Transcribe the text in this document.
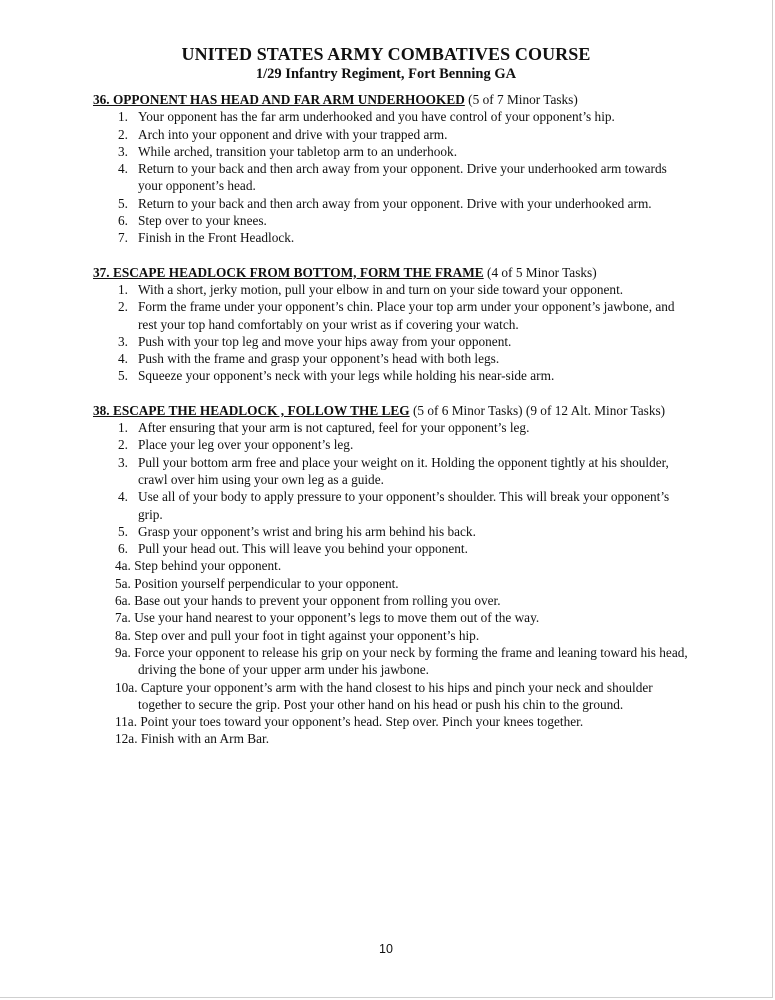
UNITED STATES ARMY COMBATIVES COURSE
1/29 Infantry Regiment, Fort Benning GA

36. OPPONENT HAS HEAD AND FAR ARM UNDERHOOKED (5 of 7 Minor Tasks)

1. Your opponent has the far arm underhooked and you have control of your opponent’s hip.
2. Arch into your opponent and drive with your trapped arm.
3. While arched, transition your tabletop arm to an underhook.
4. Return to your back and then arch away from your opponent. Drive your underhooked arm towards your opponent’s head.
5. Return to your back and then arch away from your opponent. Drive with your underhooked arm.
6. Step over to your knees.
7. Finish in the Front Headlock.

37. ESCAPE HEADLOCK FROM BOTTOM, FORM THE FRAME (4 of 5 Minor Tasks)

1. With a short, jerky motion, pull your elbow in and turn on your side toward your opponent.
2. Form the frame under your opponent’s chin. Place your top arm under your opponent’s jawbone, and rest your top hand comfortably on your wrist as if covering your watch.
3. Push with your top leg and move your hips away from your opponent.
4. Push with the frame and grasp your opponent’s head with both legs.
5. Squeeze your opponent’s neck with your legs while holding his near-side arm.

38. ESCAPE THE HEADLOCK , FOLLOW THE LEG (5 of 6 Minor Tasks) (9 of 12 Alt. Minor Tasks)

1. After ensuring that your arm is not captured, feel for your opponent’s leg.
2. Place your leg over your opponent’s leg.
3. Pull your bottom arm free and place your weight on it. Holding the opponent tightly at his shoulder, crawl over him using your own leg as a guide.
4. Use all of your body to apply pressure to your opponent’s shoulder. This will break your opponent’s grip.
5. Grasp your opponent’s wrist and bring his arm behind his back.
6. Pull your head out. This will leave you behind your opponent.
4a. Step behind your opponent.
5a. Position yourself perpendicular to your opponent.
6a. Base out your hands to prevent your opponent from rolling you over.
7a. Use your hand nearest to your opponent’s legs to move them out of the way.
8a. Step over and pull your foot in tight against your opponent’s hip.
9a. Force your opponent to release his grip on your neck by forming the frame and leaning toward his head, driving the bone of your upper arm under his jawbone.
10a. Capture your opponent’s arm with the hand closest to his hips and pinch your neck and shoulder together to secure the grip. Post your other hand on his head or push his chin to the ground.
11a. Point your toes toward your opponent’s head. Step over. Pinch your knees together.
12a. Finish with an Arm Bar.
10
